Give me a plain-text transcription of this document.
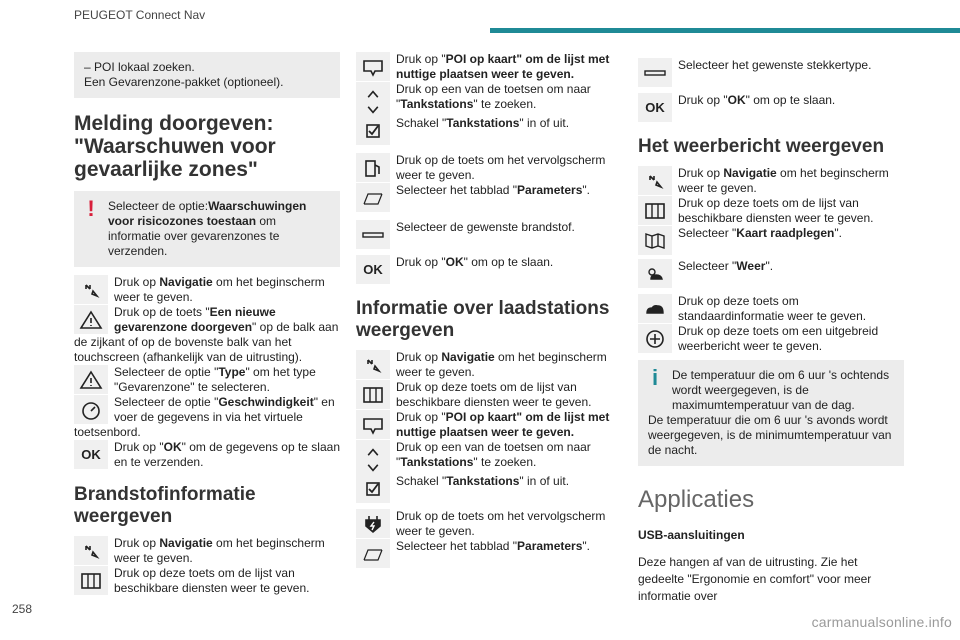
PEUGEOT Connect Nav
– POI lokaal zoeken.
Een Gevarenzone-pakket (optioneel).
Melding doorgeven: "Waarschuwen voor gevaarlijke zones"
!	Selecteer de optie:Waarschuwingen voor risicozones toestaan om informatie over gevarenzones te verzenden.
Druk op Navigatie om het beginscherm weer te geven.
Druk op de toets "Een nieuwe gevarenzone doorgeven" op de balk aan de zijkant of op de bovenste balk van het touchscreen (afhankelijk van de uitrusting).
Selecteer de optie "Type" om het type "Gevarenzone" te selecteren.
Selecteer de optie "Geschwindigkeit" en voer de gegevens in via het virtuele toetsenbord.
OK	Druk op "OK" om de gegevens op te slaan en te verzenden.
Brandstofinformatie weergeven
Druk op Navigatie om het beginscherm weer te geven.
Druk op deze toets om de lijst van beschikbare diensten weer te geven.
Druk op "POI op kaart" om de lijst met nuttige plaatsen weer te geven.
Druk op een van de toetsen om naar "Tankstations" te zoeken.
Schakel "Tankstations" in of uit.
Druk op de toets om het vervolgscherm weer te geven.
Selecteer het tabblad "Parameters".
Selecteer de gewenste brandstof.
OK	Druk op "OK" om op te slaan.
Informatie over laadstations weergeven
Druk op Navigatie om het beginscherm weer te geven.
Druk op deze toets om de lijst van beschikbare diensten weer te geven.
Druk op "POI op kaart" om de lijst met nuttige plaatsen weer te geven.
Druk op een van de toetsen om naar "Tankstations" te zoeken.
Schakel "Tankstations" in of uit.
Druk op de toets om het vervolgscherm weer te geven.
Selecteer het tabblad "Parameters".
Selecteer het gewenste stekkertype.
OK	Druk op "OK" om op te slaan.
Het weerbericht weergeven
Druk op Navigatie om het beginscherm weer te geven.
Druk op deze toets om de lijst van beschikbare diensten weer te geven.
Selecteer "Kaart raadplegen".
Selecteer "Weer".
Druk op deze toets om standaardinformatie weer te geven.
Druk op deze toets om een uitgebreid weerbericht weer te geven.
i	De temperatuur die om 6 uur 's ochtends wordt weergegeven, is de maximumtemperatuur van de dag.
De temperatuur die om 6 uur 's avonds wordt weergegeven, is de minimumtemperatuur van de nacht.
Applicaties
USB-aansluitingen
Deze hangen af van de uitrusting. Zie het gedeelte "Ergonomie en comfort" voor meer informatie over
258
carmanualsonline.info
